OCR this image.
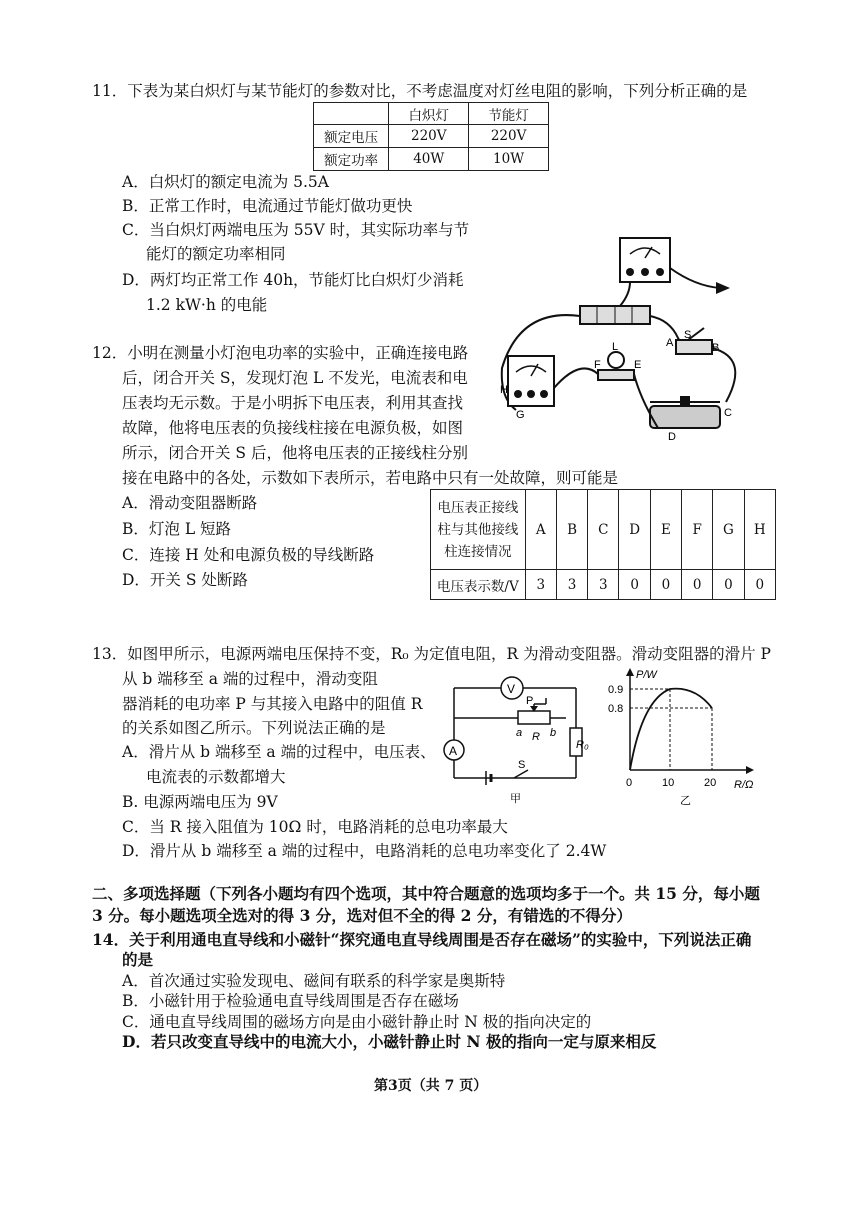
11．下表为某白炽灯与某节能灯的参数对比，不考虑温度对灯丝电阻的影响，下列分析正确的是
	白炽灯	节能灯
额定电压	220V	220V
额定功率	40W	10W
A．白炽灯的额定电流为 5.5A
B．正常工作时，电流通过节能灯做功更快
C．当白炽灯两端电压为 55V 时，其实际功率与节
能灯的额定功率相同
D．两灯均正常工作 40h，节能灯比白炽灯少消耗
1.2 kW·h 的电能
S
A	B
H
G
L
F	E
C
D
12．小明在测量小灯泡电功率的实验中，正确连接电路
后，闭合开关 S，发现灯泡 L 不发光，电流表和电
压表均无示数。于是小明拆下电压表，利用其查找
故障，他将电压表的负接线柱接在电源负极，如图
所示，闭合开关 S 后，他将电压表的正接线柱分别
接在电路中的各处，示数如下表所示，若电路中只有一处故障，则可能是
A．滑动变阻器断路
B．灯泡 L 短路
C．连接 H 处和电源负极的导线断路
D．开关 S 处断路
电压表正接线
柱与其他接线
柱连接情况	A	B	C	D	E	F	G	H
电压表示数/V	3	3	3	0	0	0	0	0
13．如图甲所示，电源两端电压保持不变，R₀ 为定值电阻，R 为滑动变阻器。滑动变阻器的滑片 P
从 b 端移至 a 端的过程中，滑动变阻
器消耗的电功率 P 与其接入电路中的阻值 R
的关系如图乙所示。下列说法正确的是
A．滑片从 b 端移至 a 端的过程中，电压表、
电流表的示数都增大
B. 电源两端电压为 9V
C．当 R 接入阻值为 10Ω 时，电路消耗的总电功率最大
D．滑片从 b 端移至 a 端的过程中，电路消耗的总电功率变化了 2.4W
V
A
P
a R b
R₀
S
甲
P/W
R/Ω
0.9
0.8
0	10	20
乙
二、多项选择题（下列各小题均有四个选项，其中符合题意的选项均多于一个。共 15 分，每小题
3 分。每小题选项全选对的得 3 分，选对但不全的得 2 分，有错选的不得分）
14．关于利用通电直导线和小磁针“探究通电直导线周围是否存在磁场”的实验中，下列说法正确
的是
A．首次通过实验发现电、磁间有联系的科学家是奥斯特
B．小磁针用于检验通电直导线周围是否存在磁场
C．通电直导线周围的磁场方向是由小磁针静止时 N 极的指向决定的
D．若只改变直导线中的电流大小，小磁针静止时 N 极的指向一定与原来相反
第3页（共 7 页）
